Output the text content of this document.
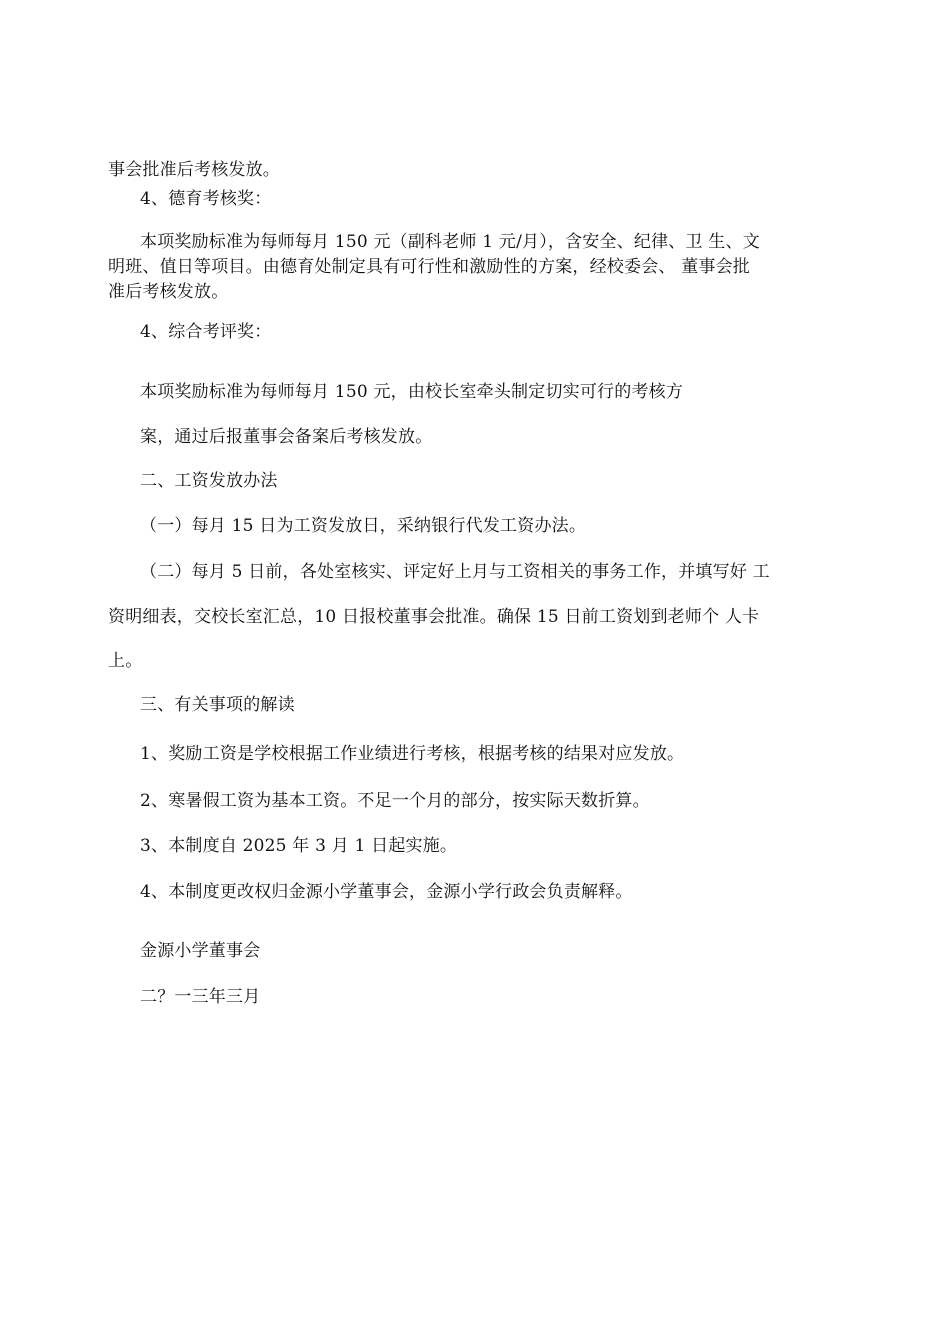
事会批准后考核发放。
4、德育考核奖：
本项奖励标准为每师每月 150 元（副科老师 1 元/月），含安全、纪律、卫 生、文
明班、值日等项目。由德育处制定具有可行性和激励性的方案，经校委会、 董事会批
准后考核发放。
4、综合考评奖：
本项奖励标准为每师每月 150 元，由校长室牵头制定切实可行的考核方
案，通过后报董事会备案后考核发放。
二、工资发放办法
（一）每月 15 日为工资发放日，采纳银行代发工资办法。
（二）每月 5 日前，各处室核实、评定好上月与工资相关的事务工作，并填写好 工
资明细表，交校长室汇总，10 日报校董事会批准。确保 15 日前工资划到老师个 人卡
上。
三、有关事项的解读
1、奖励工资是学校根据工作业绩进行考核，根据考核的结果对应发放。
2、寒暑假工资为基本工资。不足一个月的部分，按实际天数折算。
3、本制度自 2025 年 3 月 1 日起实施。
4、本制度更改权归金源小学董事会，金源小学行政会负责解释。
金源小学董事会
二？一三年三月
